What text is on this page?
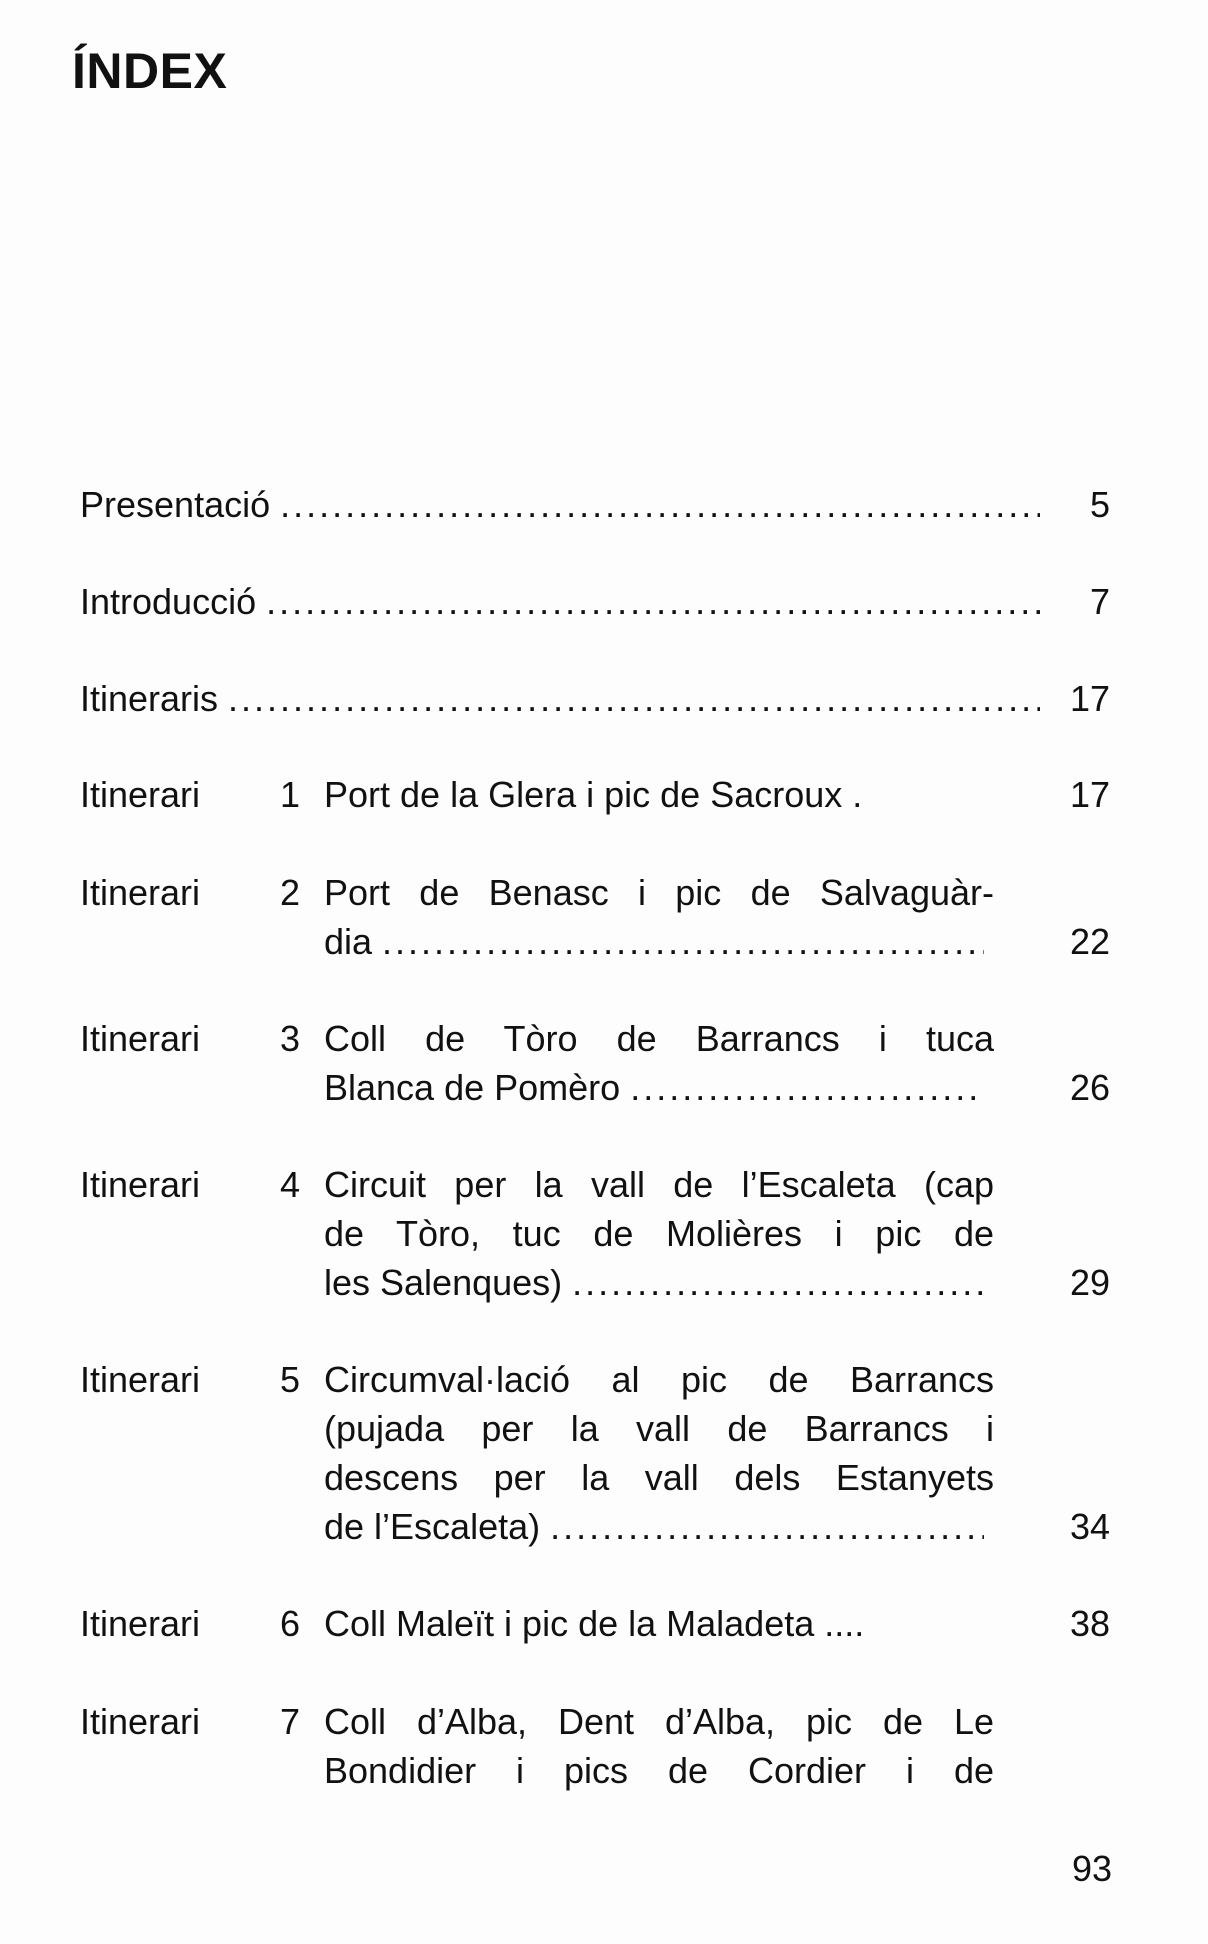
ÍNDEX
Presentació .....	5
Introducció .....	7
Itineraris .....	17
Itinerari	1 Port de la Glera i pic de Sacroux .	17
Itinerari	2 Port de Benasc i pic de Salvaguàr-
dia .....	22
Itinerari	3 Coll de Tòro de Barrancs i tuca
Blanca de Pomèro .....	26
Itinerari	4 Circuit per la vall de l’Escaleta (cap
de Tòro, tuc de Molières i pic de
les Salenques) .....	29
Itinerari	5 Circumval·lació al pic de Barrancs
(pujada per la vall de Barrancs i
descens per la vall dels Estanyets
de l’Escaleta) .....	34
Itinerari	6 Coll Maleït i pic de la Maladeta ....	38
Itinerari	7 Coll d’Alba, Dent d’Alba, pic de Le
Bondidier i pics de Cordier i de
93
